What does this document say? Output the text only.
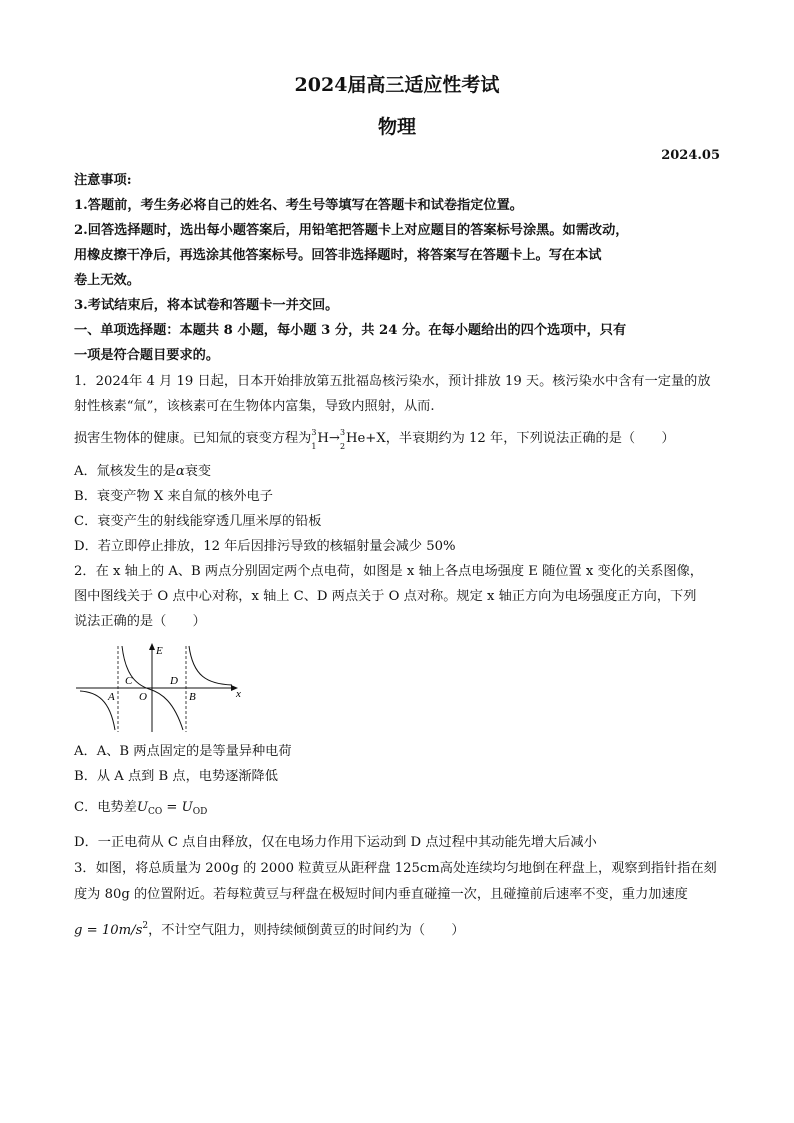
2024届高三适应性考试
物理
2024.05
注意事项:
1.答题前，考生务必将自己的姓名、考生号等填写在答题卡和试卷指定位置。
2.回答选择题时，选出每小题答案后，用铅笔把答题卡上对应题目的答案标号涂黑。如需改动，
用橡皮擦干净后，再选涂其他答案标号。回答非选择题时，将答案写在答题卡上。写在本试
卷上无效。
3.考试结束后，将本试卷和答题卡一并交回。
一、单项选择题：本题共 8 小题，每小题 3 分，共 24 分。在每小题给出的四个选项中，只有
一项是符合题目要求的。
1．2024年 4 月 19 日起，日本开始排放第五批福岛核污染水，预计排放 19 天。核污染水中含有一定量的放
射性核素“氚”，该核素可在生物体内富集，导致内照射，从而.
损害生物体的健康。已知氚的衰变方程为 3
1
H→ 3
2
He+X，半衰期约为 12 年，下列说法正确的是（　　）
A．氚核发生的是α衰变
B．衰变产物 X 来自氚的核外电子
C．衰变产生的射线能穿透几厘米厚的铅板
D．若立即停止排放，12 年后因排污导致的核辐射量会减少 50%
2．在 x 轴上的 A、B 两点分别固定两个点电荷，如图是 x 轴上各点电场强度 E 随位置 x 变化的关系图像，
图中图线关于 O 点中心对称，x 轴上 C、D 两点关于 O 点对称。规定 x 轴正方向为电场强度正方向，下列
说法正确的是（　　）
E
x
A
C
O
D
B
A．A、B 两点固定的是等量异种电荷
B．从 A 点到 B 点，电势逐渐降低
C．电势差$U_{CO} = U_{OD}$
D．一正电荷从 C 点自由释放，仅在电场力作用下运动到 D 点过程中其动能先增大后减小
3．如图，将总质量为 200g 的 2000 粒黄豆从距秤盘 125cm高处连续均匀地倒在秤盘上，观察到指针指在刻
度为 80g 的位置附近。若每粒黄豆与秤盘在极短时间内垂直碰撞一次，且碰撞前后速率不变，重力加速度
$g = 10m/s^2$，不计空气阻力，则持续倾倒黄豆的时间约为（　　）
